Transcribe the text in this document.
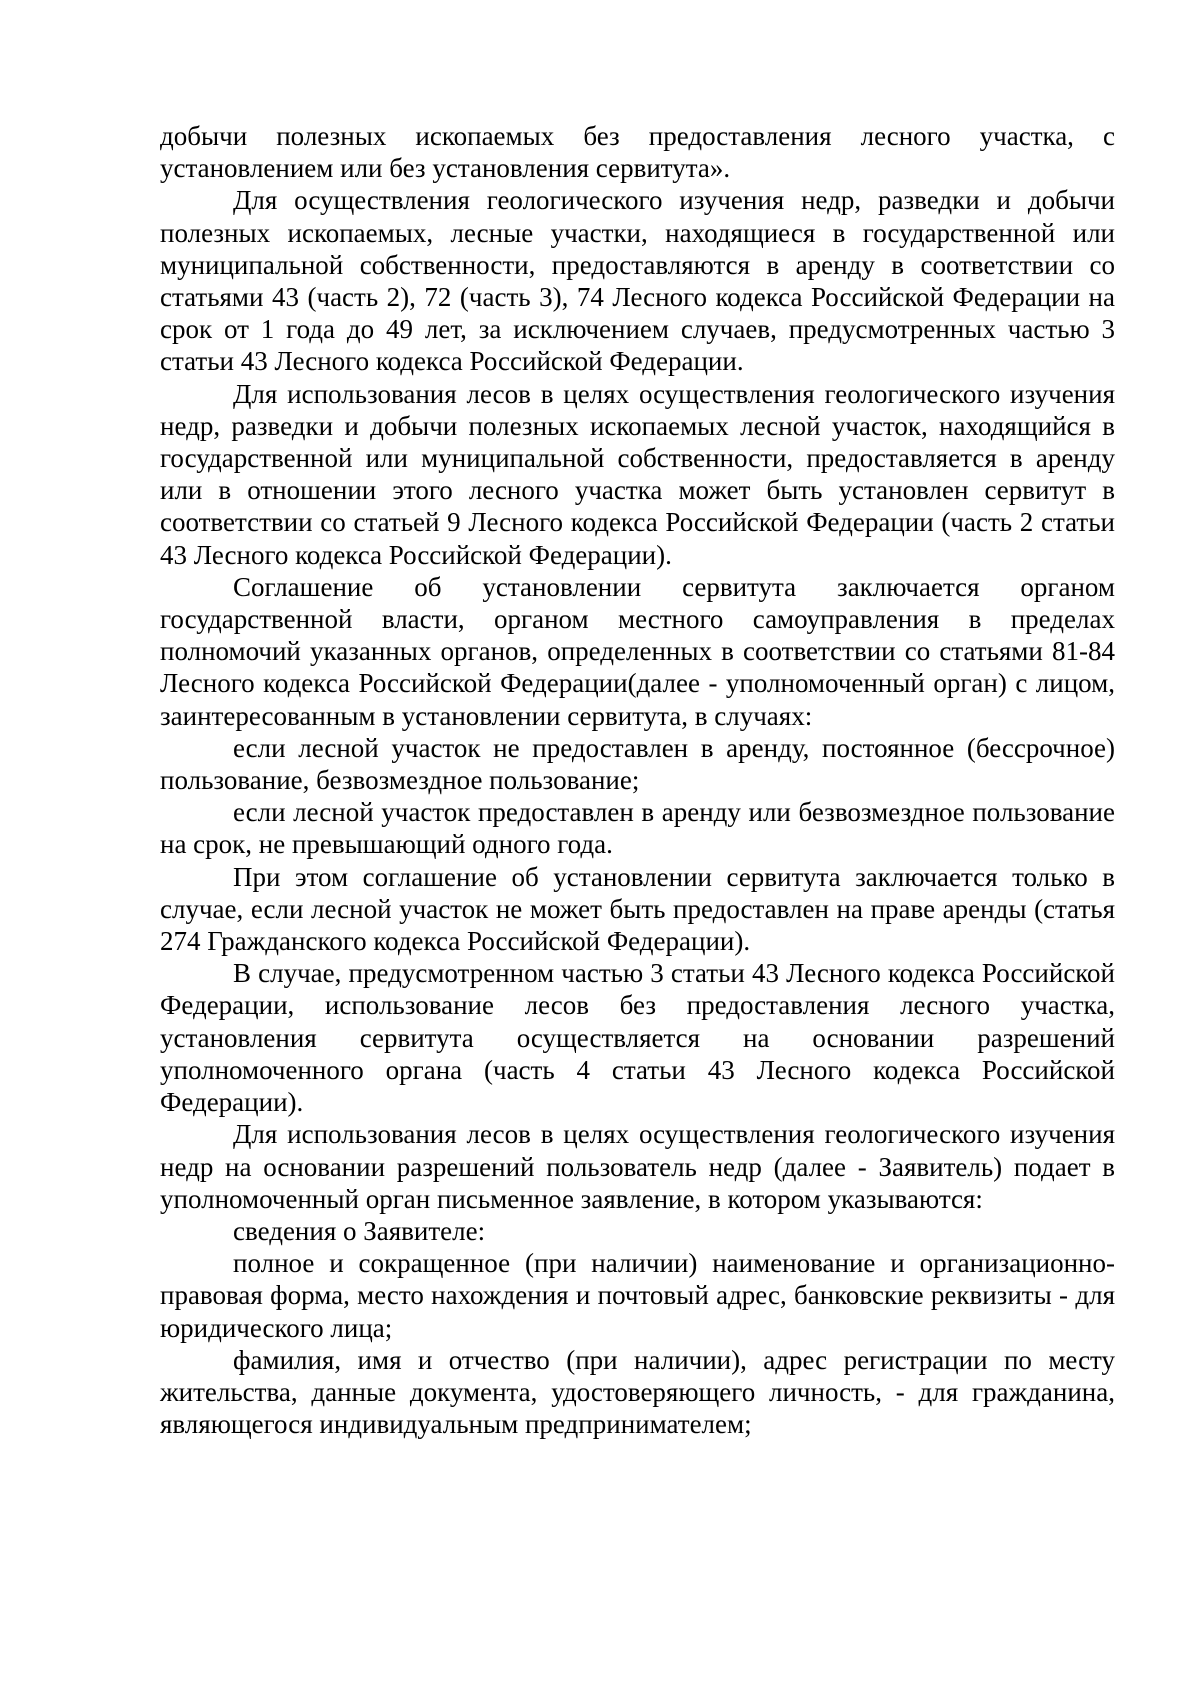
добычи полезных ископаемых без предоставления лесного участка, с установлением или без установления сервитута».

Для осуществления геологического изучения недр, разведки и добычи полезных ископаемых, лесные участки, находящиеся в государственной или муниципальной собственности, предоставляются в аренду в соответствии со статьями 43 (часть 2), 72 (часть 3), 74 Лесного кодекса Российской Федерации на срок от 1 года до 49 лет, за исключением случаев, предусмотренных частью 3 статьи 43 Лесного кодекса Российской Федерации.

Для использования лесов в целях осуществления геологического изучения недр, разведки и добычи полезных ископаемых лесной участок, находящийся в государственной или муниципальной собственности, предоставляется в аренду или в отношении этого лесного участка может быть установлен сервитут в соответствии со статьей 9 Лесного кодекса Российской Федерации (часть 2 статьи 43 Лесного кодекса Российской Федерации).

Соглашение об установлении сервитута заключается органом государственной власти, органом местного самоуправления в пределах полномочий указанных органов, определенных в соответствии со статьями 81-84 Лесного кодекса Российской Федерации(далее - уполномоченный орган) с лицом, заинтересованным в установлении сервитута, в случаях:

если лесной участок не предоставлен в аренду, постоянное (бессрочное) пользование, безвозмездное пользование;

если лесной участок предоставлен в аренду или безвозмездное пользование на срок, не превышающий одного года.

При этом соглашение об установлении сервитута заключается только в случае, если лесной участок не может быть предоставлен на праве аренды (статья 274 Гражданского кодекса Российской Федерации).

В случае, предусмотренном частью 3 статьи 43 Лесного кодекса Российской Федерации, использование лесов без предоставления лесного участка, установления сервитута осуществляется на основании разрешений уполномоченного органа (часть 4 статьи 43 Лесного кодекса Российской Федерации).

Для использования лесов в целях осуществления геологического изучения недр на основании разрешений пользователь недр (далее - Заявитель) подает в уполномоченный орган письменное заявление, в котором указываются:

сведения о Заявителе:

полное и сокращенное (при наличии) наименование и организационно-правовая форма, место нахождения и почтовый адрес, банковские реквизиты - для юридического лица;

фамилия, имя и отчество (при наличии), адрес регистрации по месту жительства, данные документа, удостоверяющего личность, - для гражданина, являющегося индивидуальным предпринимателем;
